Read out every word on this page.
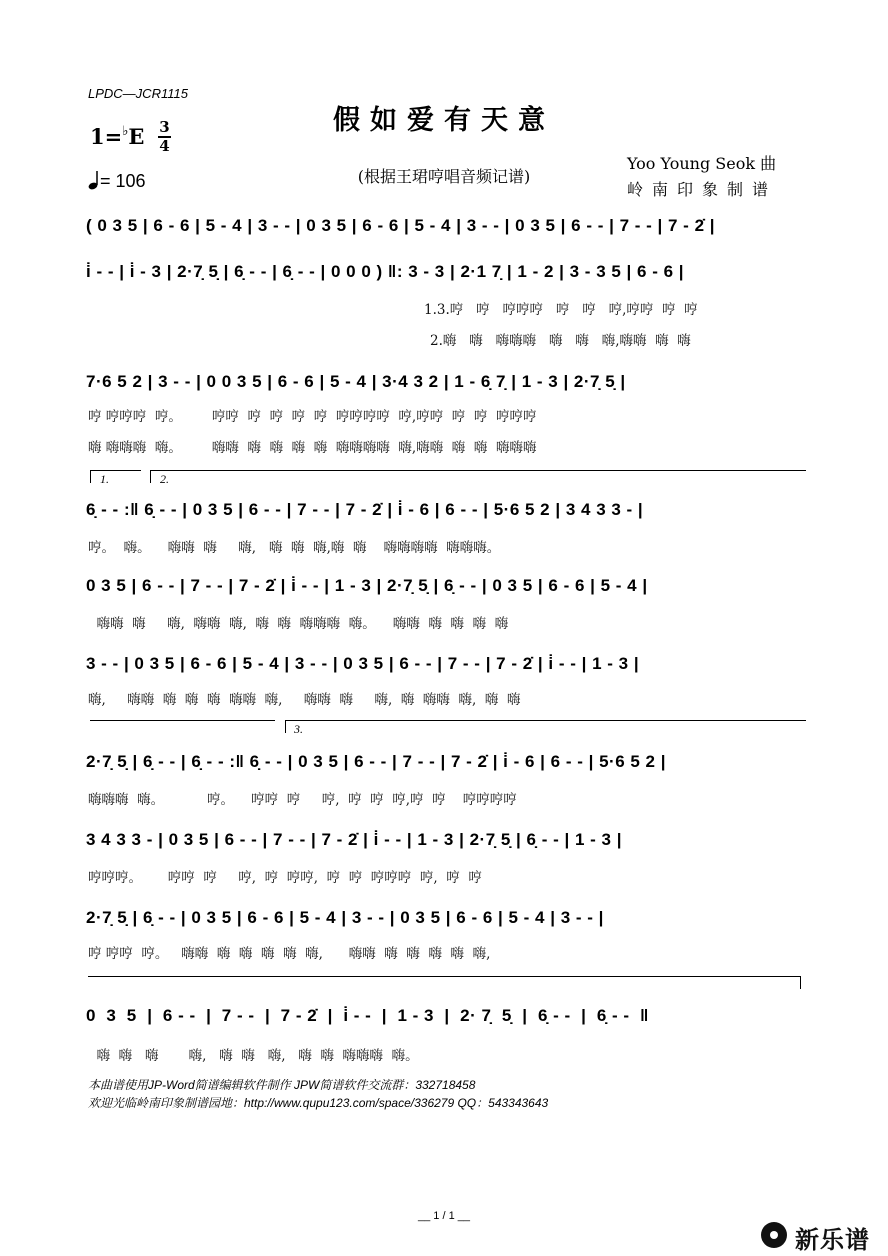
LPDC—JCR1115
假如爱有天意
(根据王珺哼唱音频记谱)
1=♭E 3
4
= 106
Yoo Young Seok 曲
岭南印象制谱
( 0 3 5 | 6 - 6 | 5 - 4 | 3 - - | 0 3 5 | 6 - 6 | 5 - 4 | 3 - - | 0 3 5 | 6 - - | 7 - - | 7 - 2̇ |
i̇ - - | i̇ - 3 | 2·7̣ 5̣ | 6̣ - - | 6̣ - - | 0 0 0 ) ‖: 3 - 3 | 2·1 7̣ | 1 - 2 | 3 - 3 5 | 6 - 6 |
1.3.哼   哼   哼哼哼   哼   哼   哼,哼哼  哼  哼
2.嗨   嗨   嗨嗨嗨   嗨   嗨   嗨,嗨嗨  嗨  嗨
7·6 5 2 | 3 - - | 0 0 3 5 | 6 - 6 | 5 - 4 | 3·4 3 2 | 1 - 6̣ 7̣ | 1 - 3 | 2·7̣ 5̣ |
哼 哼哼哼  哼。       哼哼  哼  哼  哼  哼  哼哼哼哼  哼,哼哼  哼  哼  哼哼哼
嗨 嗨嗨嗨  嗨。       嗨嗨  嗨  嗨  嗨  嗨  嗨嗨嗨嗨  嗨,嗨嗨  嗨  嗨  嗨嗨嗨
1.	2.
6̣ - - :‖ 6̣ - - | 0 3 5 | 6 - - | 7 - - | 7 - 2̇ | i̇ - 6 | 6 - - | 5·6 5 2 | 3 4 3 3 - |
哼。  嗨。    嗨嗨  嗨     嗨,   嗨  嗨  嗨,嗨  嗨    嗨嗨嗨嗨  嗨嗨嗨。
0 3 5 | 6 - - | 7 - - | 7 - 2̇ | i̇ - - | 1 - 3 | 2·7̣ 5̣ | 6̣ - - | 0 3 5 | 6 - 6 | 5 - 4 |
嗨嗨  嗨     嗨,  嗨嗨  嗨,  嗨  嗨  嗨嗨嗨  嗨。    嗨嗨  嗨  嗨  嗨  嗨
3 - - | 0 3 5 | 6 - 6 | 5 - 4 | 3 - - | 0 3 5 | 6 - - | 7 - - | 7 - 2̇ | i̇ - - | 1 - 3 |
嗨,     嗨嗨  嗨  嗨  嗨  嗨嗨  嗨,     嗨嗨  嗨     嗨,  嗨  嗨嗨  嗨,  嗨  嗨
3.
2·7̣ 5̣ | 6̣ - - | 6̣ - - :‖ 6̣ - - | 0 3 5 | 6 - - | 7 - - | 7 - 2̇ | i̇ - 6 | 6 - - | 5·6 5 2 |
嗨嗨嗨  嗨。          哼。    哼哼  哼     哼,  哼  哼  哼,哼  哼    哼哼哼哼
3 4 3 3 - | 0 3 5 | 6 - - | 7 - - | 7 - 2̇ | i̇ - - | 1 - 3 | 2·7̣ 5̣ | 6̣ - - | 1 - 3 |
哼哼哼。      哼哼  哼     哼,  哼  哼哼,  哼  哼  哼哼哼  哼,  哼  哼
2·7̣ 5̣ | 6̣ - - | 0 3 5 | 6 - 6 | 5 - 4 | 3 - - | 0 3 5 | 6 - 6 | 5 - 4 | 3 - - |
哼 哼哼  哼。   嗨嗨  嗨  嗨  嗨  嗨  嗨,      嗨嗨  嗨  嗨  嗨  嗨  嗨,
0  3  5  |  6 - -  |  7 - -  |  7 - 2̇  |  i̇ - -  |  1 - 3  |  2· 7̣  5̣  |  6̣ - -  |  6̣ - -  ‖
嗨  嗨   嗨       嗨,   嗨  嗨   嗨,   嗨  嗨  嗨嗨嗨  嗨。
本曲谱使用JP-Word简谱编辑软件制作 JPW简谱软件交流群：332718458
欢迎光临岭南印象制谱园地：http://www.qupu123.com/space/336279 QQ：543343643
__ 1 / 1 __
新乐谱
